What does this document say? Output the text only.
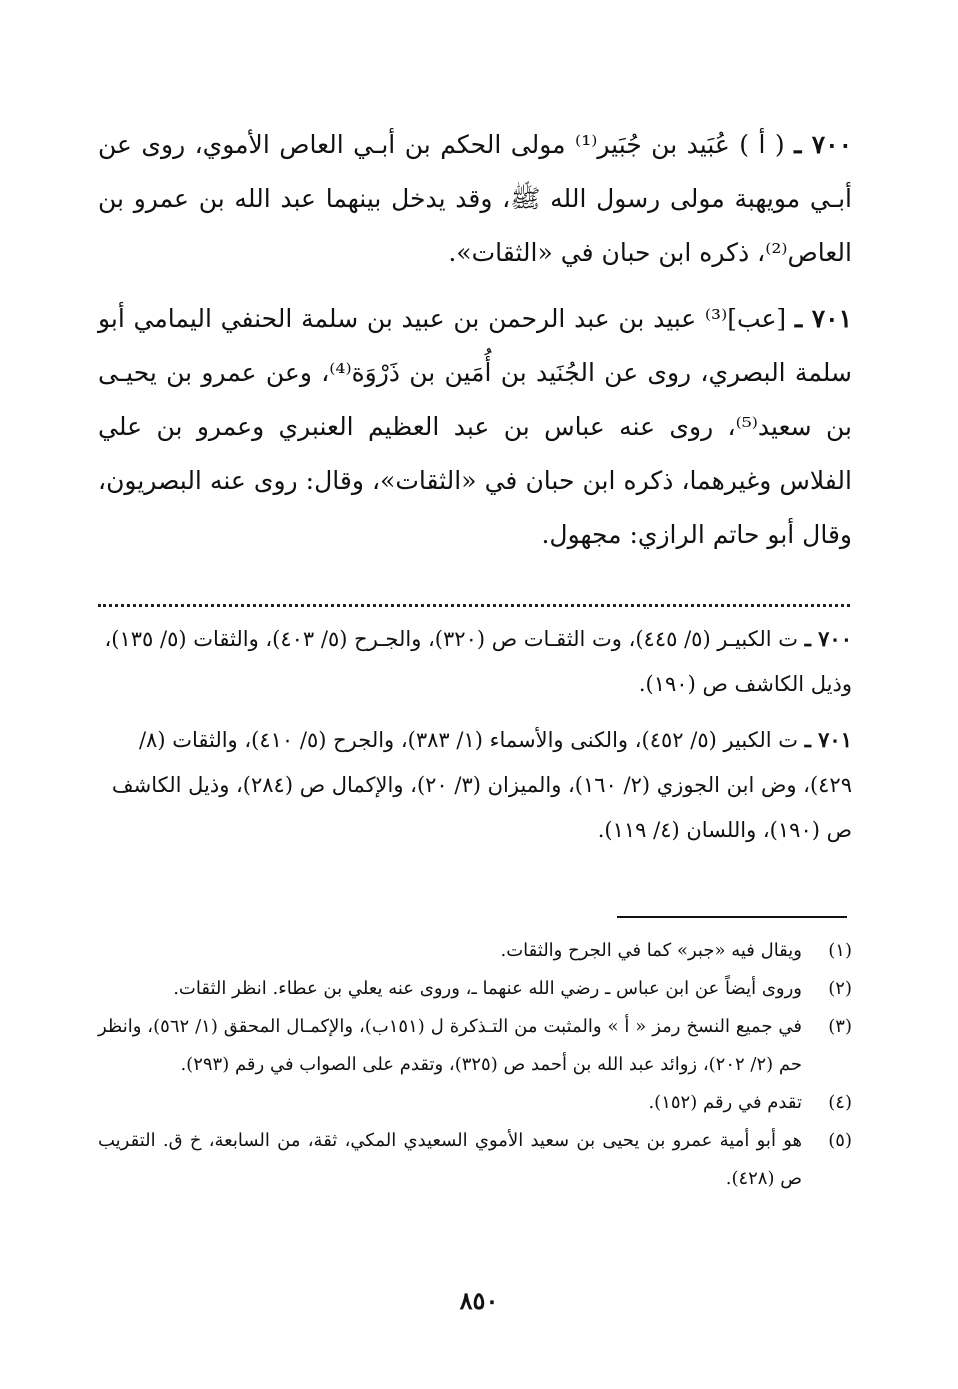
٧٠٠ ـ ( أ ) عُبَيد بن جُبَير⁽¹⁾ مولى الحكم بن أبـي العاص الأموي، روى عن أبـي مويهبة مولى رسول الله ﷺ، وقد يدخل بينهما عبد الله بن عمرو بن العاص⁽²⁾، ذكره ابن حبان في «الثقات».

٧٠١ ـ [عب]⁽³⁾ عبيد بن عبد الرحمن بن عبيد بن سلمة الحنفي اليمامي أبو سلمة البصري، روى عن الجُنَيد بن أُمَين بن ذَرْوَة⁽⁴⁾، وعن عمرو بن يحيـى بن سعيد⁽⁵⁾، روى عنه عباس بن عبد العظيم العنبري وعمرو بن علي الفلاس وغيرهما، ذكره ابن حبان في «الثقات»، وقال: روى عنه البصريون، وقال أبو حاتم الرازي: مجهول.

٧٠٠ ـ ت الكبيـر (٥/ ٤٤٥)، وت الثقـات ص (٣٢٠)، والجـرح (٥/ ٤٠٣)، والثقات (٥/ ١٣٥)، وذيل الكاشف ص (١٩٠).

٧٠١ ـ ت الكبير (٥/ ٤٥٢)، والكنى والأسماء (١/ ٣٨٣)، والجرح (٥/ ٤١٠)، والثقات (٨/ ٤٢٩)، وض ابن الجوزي (٢/ ١٦٠)، والميزان (٣/ ٢٠)، والإكمال ص (٢٨٤)، وذيل الكاشف ص (١٩٠)، واللسان (٤/ ١١٩).

(١)
ويقال فيه «جبر» كما في الجرح والثقات.
(٢)
وروى أيضاً عن ابن عباس ـ رضي الله عنهما ـ، وروى عنه يعلي بن عطاء. انظر الثقات.
(٣)
في جميع النسخ رمز « أ » والمثبت من التـذكرة ل (١٥١ب)، والإكمـال المحقق (١/ ٥٦٢)، وانظر حم (٢/ ٢٠٢)، زوائد عبد الله بن أحمد ص (٣٢٥)، وتقدم على الصواب في رقم (٢٩٣).
(٤)
تقدم في رقم (١٥٢).
(٥)
هو أبو أمية عمرو بن يحيى بن سعيد الأموي السعيدي المكي، ثقة، من السابعة، خ ق. التقريب ص (٤٢٨).
٨٥٠
